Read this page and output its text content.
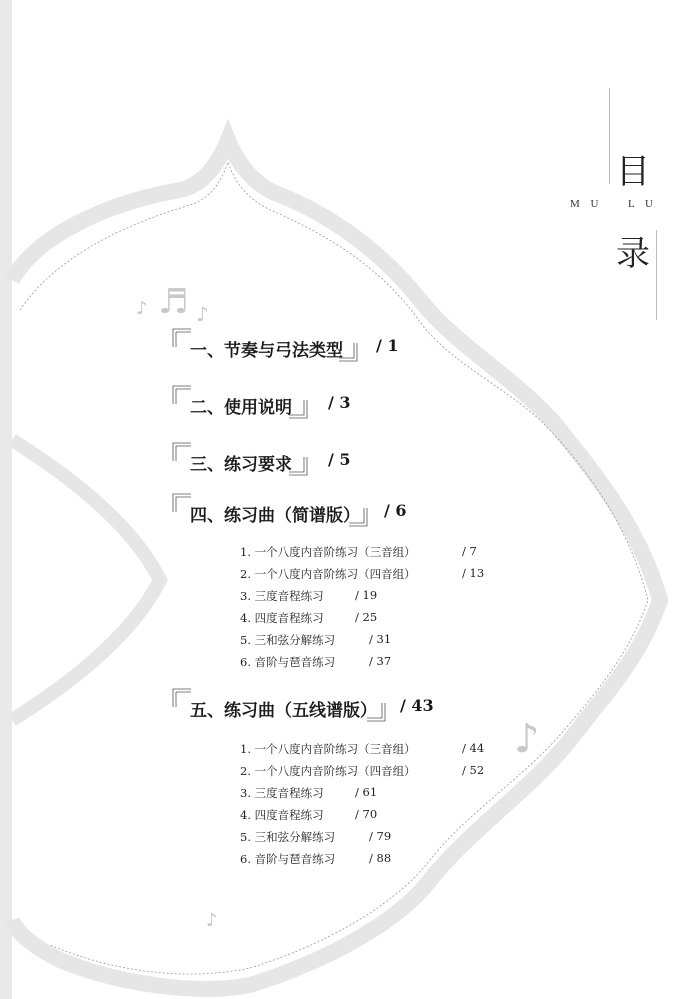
目
M U	L U
录
♪ ♬ ♪
♪
♪
一、节奏与弓法类型 / 1
二、使用说明 / 3
三、练习要求 / 5
四、练习曲（简谱版） / 6
1. 一个八度内音阶练习（三音组）	/ 7
2. 一个八度内音阶练习（四音组）	/ 13
3. 三度音程练习	/ 19
4. 四度音程练习	/ 25
5. 三和弦分解练习	/ 31
6. 音阶与琶音练习	/ 37
五、练习曲（五线谱版） / 43
1. 一个八度内音阶练习（三音组）	/ 44
2. 一个八度内音阶练习（四音组）	/ 52
3. 三度音程练习	/ 61
4. 四度音程练习	/ 70
5. 三和弦分解练习	/ 79
6. 音阶与琶音练习	/ 88
